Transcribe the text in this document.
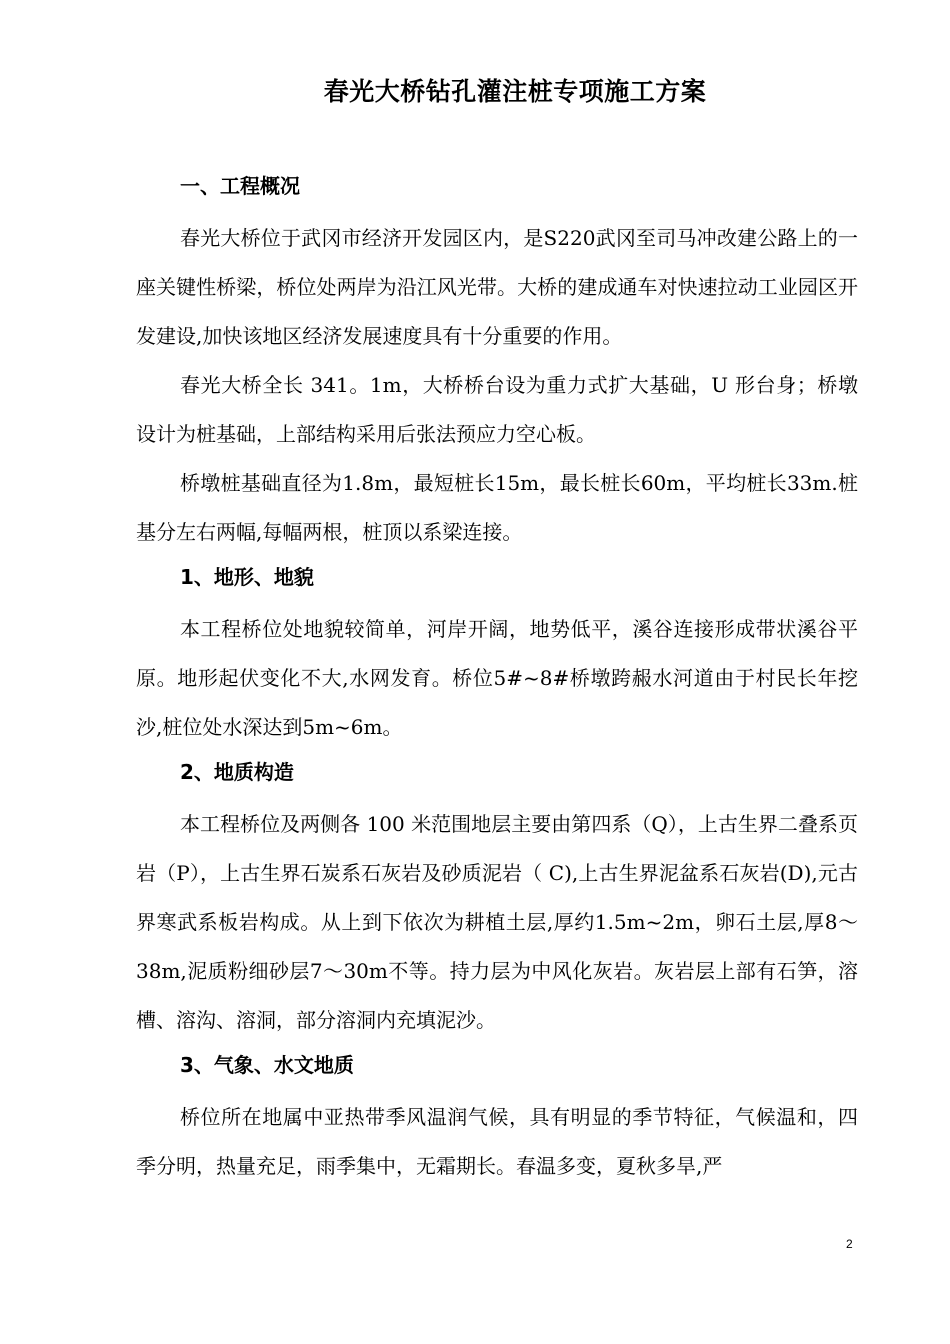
春光大桥钻孔灌注桩专项施工方案
一、工程概况

春光大桥位于武冈市经济开发园区内，是S220武冈至司马冲改建公路上的一座关键性桥梁，桥位处两岸为沿江风光带。大桥的建成通车对快速拉动工业园区开发建设,加快该地区经济发展速度具有十分重要的作用。

春光大桥全长 341。1m，大桥桥台设为重力式扩大基础，U 形台身；桥墩设计为桩基础，上部结构采用后张法预应力空心板。

桥墩桩基础直径为1.8m，最短桩长15m，最长桩长60m，平均桩长33m.桩基分左右两幅,每幅两根，桩顶以系梁连接。

1、地形、地貌

本工程桥位处地貌较简单，河岸开阔，地势低平，溪谷连接形成带状溪谷平原。地形起伏变化不大,水网发育。桥位5#~8#桥墩跨赧水河道由于村民长年挖沙,桩位处水深达到5m~6m。

2、地质构造

本工程桥位及两侧各 100 米范围地层主要由第四系（Q），上古生界二叠系页岩（P），上古生界石炭系石灰岩及砂质泥岩（ C),上古生界泥盆系石灰岩(D),元古界寒武系板岩构成。从上到下依次为耕植土层,厚约1.5m~2m，卵石土层,厚8～38m,泥质粉细砂层7～30m不等。持力层为中风化灰岩。灰岩层上部有石笋，溶槽、溶沟、溶洞，部分溶洞内充填泥沙。

3、气象、水文地质

桥位所在地属中亚热带季风温润气候，具有明显的季节特征，气候温和，四季分明，热量充足，雨季集中，无霜期长。春温多变，夏秋多旱,严

2
